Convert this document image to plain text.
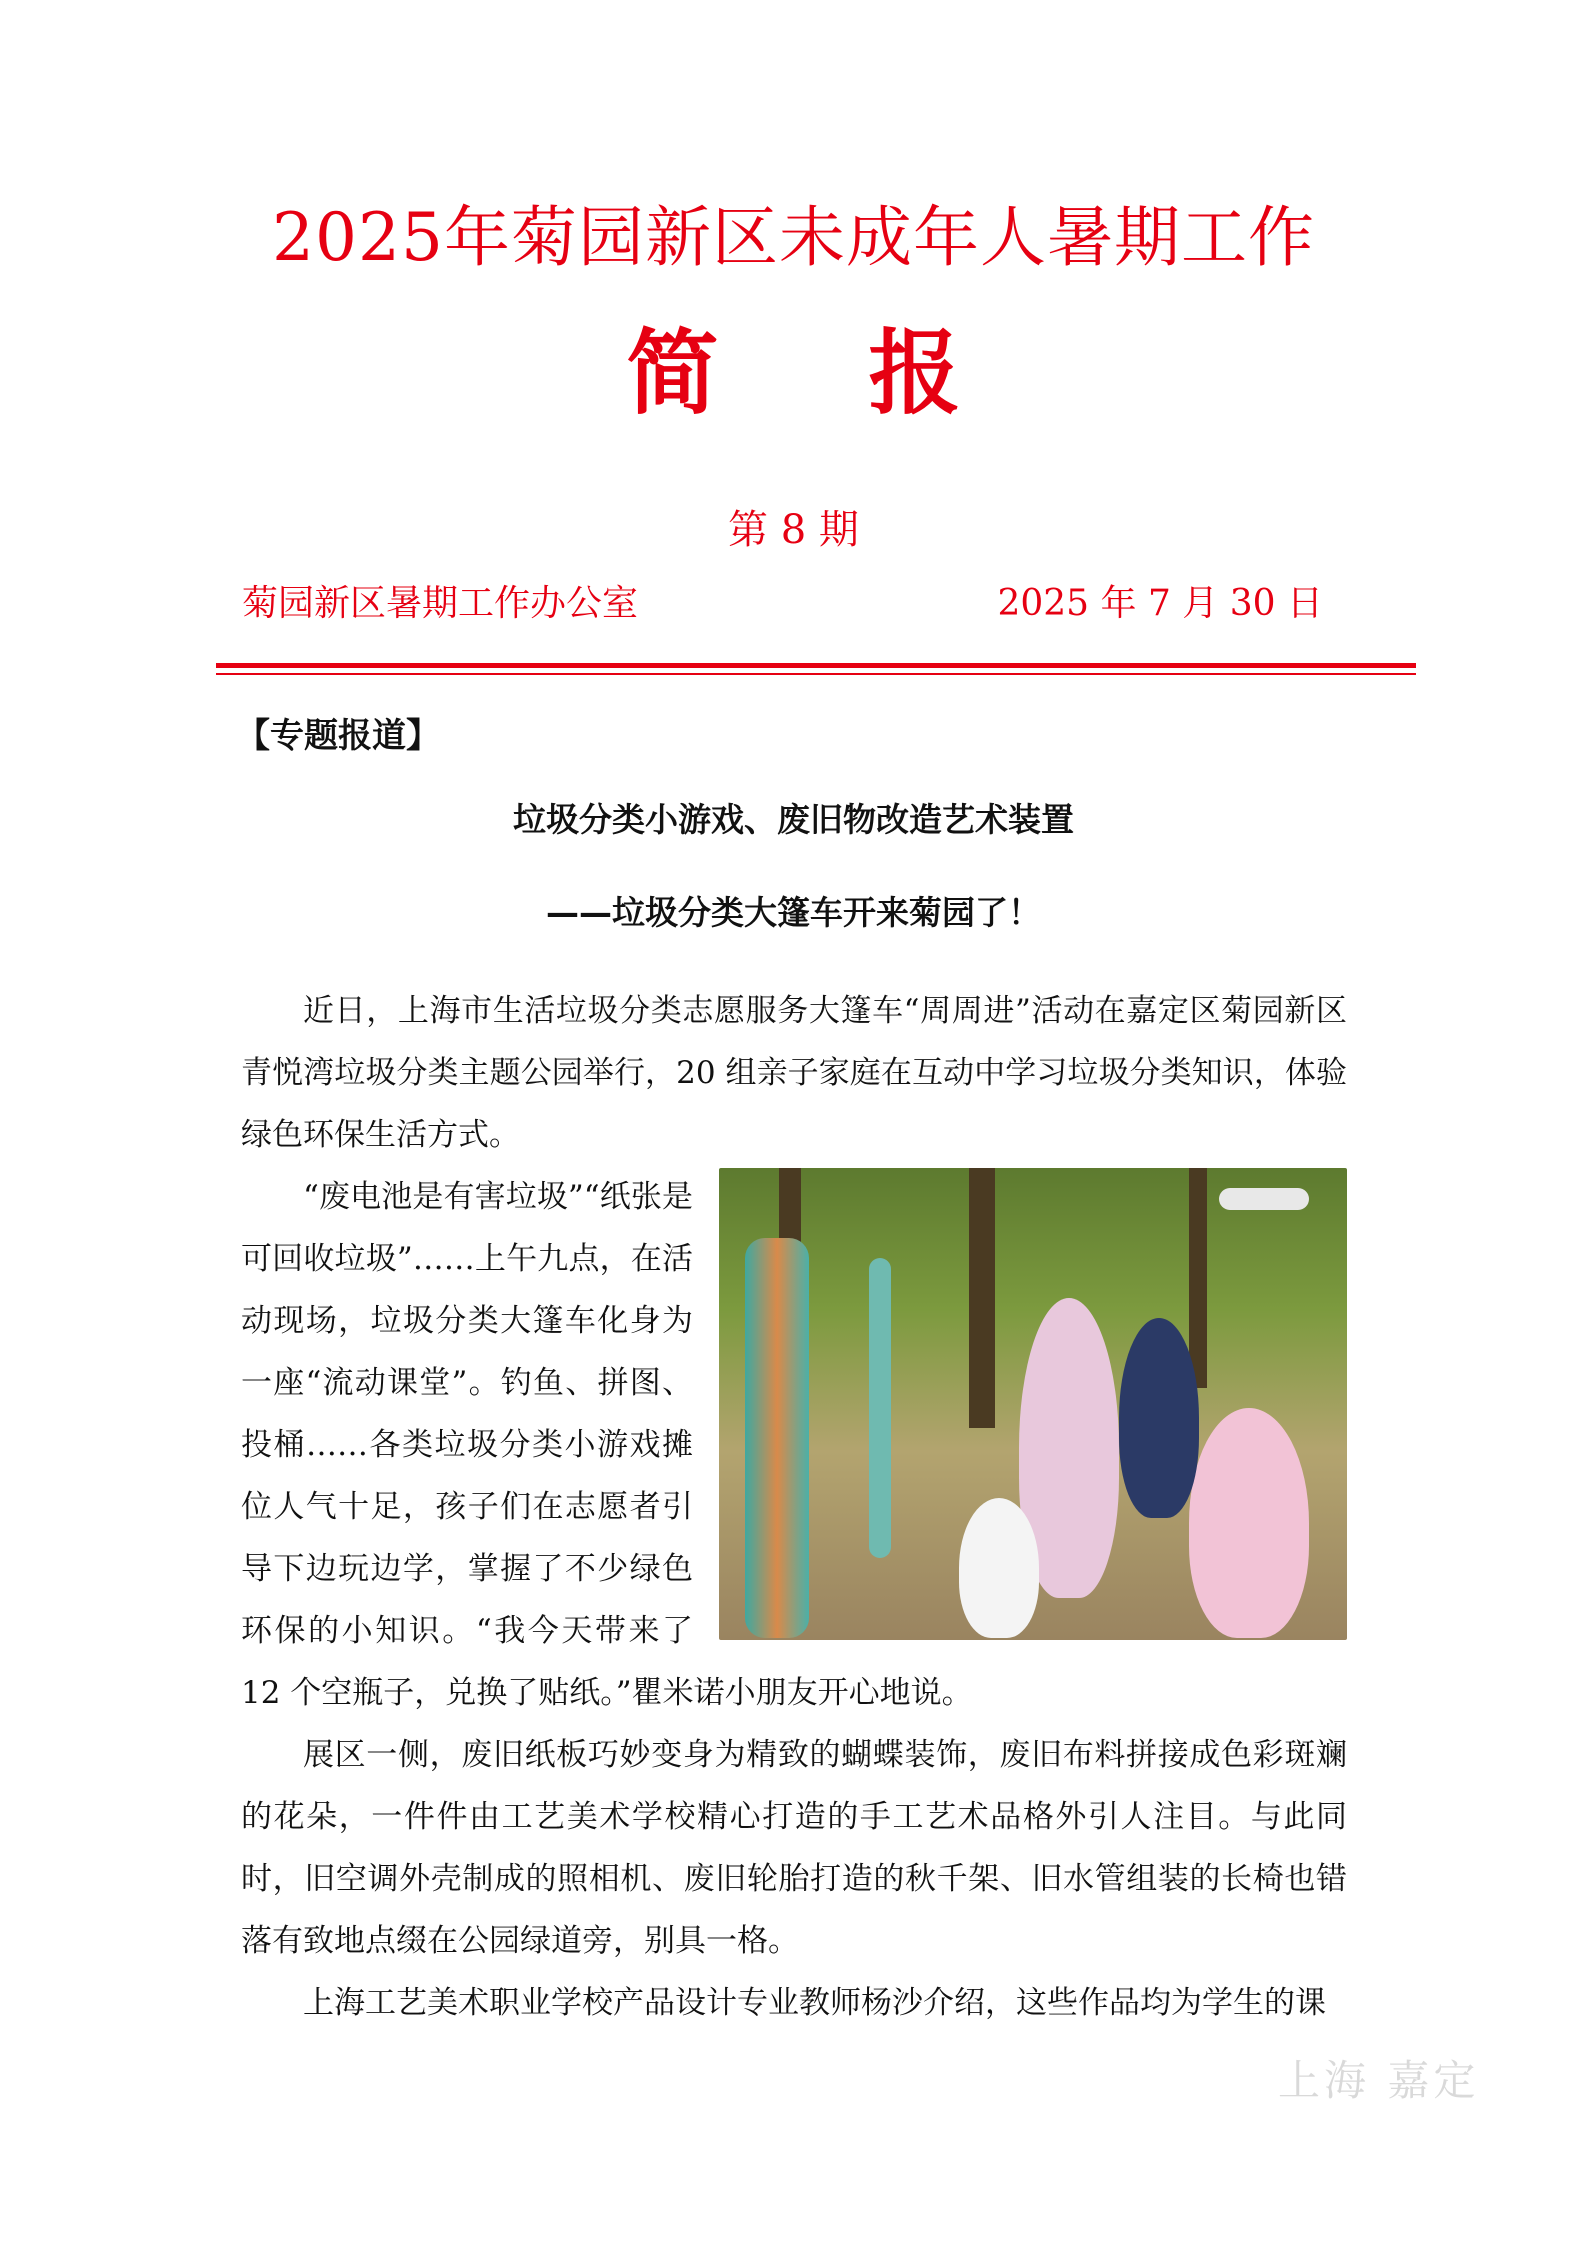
2025年菊园新区未成年人暑期工作
简报
第 8 期
菊园新区暑期工作办公室	2025 年 7 月 30 日
【专题报道】
垃圾分类小游戏、废旧物改造艺术装置
——垃圾分类大篷车开来菊园了！

近日，上海市生活垃圾分类志愿服务大篷车“周周进”活动在嘉定区菊园新区青悦湾垃圾分类主题公园举行，20 组亲子家庭在互动中学习垃圾分类知识，体验绿色环保生活方式。

“废电池是有害垃圾”“纸张是可回收垃圾”……上午九点，在活动现场，垃圾分类大篷车化身为一座“流动课堂”。钓鱼、拼图、投桶……各类垃圾分类小游戏摊位人气十足，孩子们在志愿者引导下边玩边学，掌握了不少绿色环保的小知识。“我今天带来了 12 个空瓶子，兑换了贴纸。”瞿米诺小朋友开心地说。

展区一侧，废旧纸板巧妙变身为精致的蝴蝶装饰，废旧布料拼接成色彩斑斓的花朵，一件件由工艺美术学校精心打造的手工艺术品格外引人注目。与此同时，旧空调外壳制成的照相机、废旧轮胎打造的秋千架、旧水管组装的长椅也错落有致地点缀在公园绿道旁，别具一格。

上海工艺美术职业学校产品设计专业教师杨沙介绍，这些作品均为学生的课

上海 嘉定
